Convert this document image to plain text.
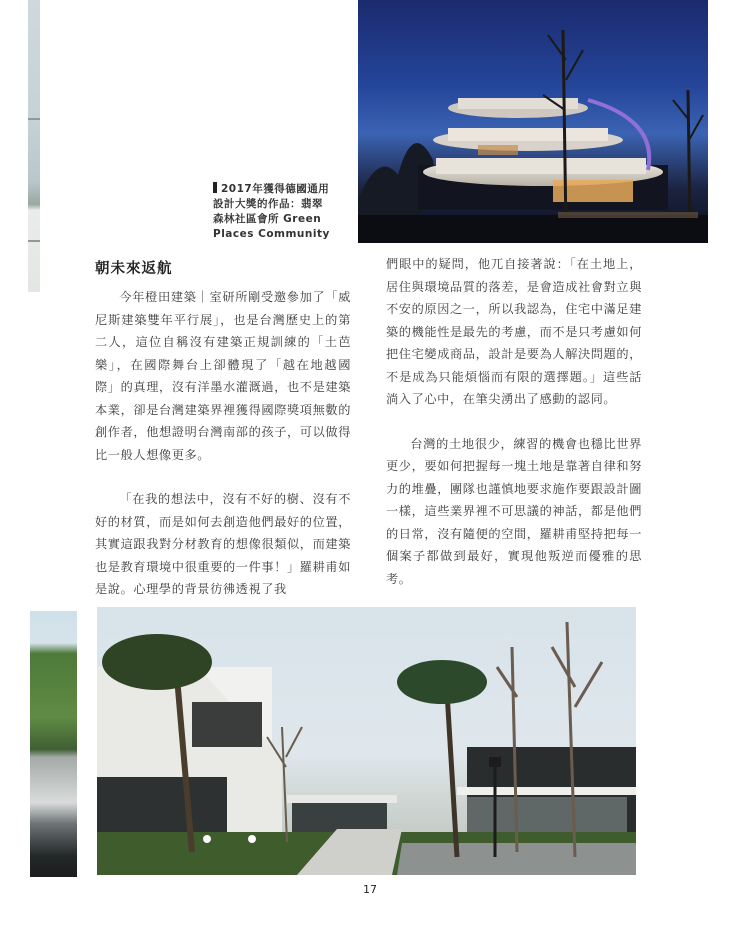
2017年獲得德國通用
設計大獎的作品：翡翠
森林社區會所 Green
Places Community
朝未來返航

今年橙田建築｜室研所剛受邀參加了「威尼斯建築雙年平行展」，也是台灣歷史上的第二人，這位自稱沒有建築正規訓練的「土芭樂」，在國際舞台上卻體現了「越在地越國際」的真理，沒有洋墨水灌溉過，也不是建築本業，卻是台灣建築界裡獲得國際獎項無數的創作者，他想證明台灣南部的孩子，可以做得比一般人想像更多。

「在我的想法中，沒有不好的樹、沒有不好的材質，而是如何去創造他們最好的位置，其實這跟我對分材教育的想像很類似，而建築也是教育環境中很重要的一件事！」羅耕甫如是說。心理學的背景彷彿透視了我

們眼中的疑問，他兀自接著說：「在土地上，居住與環境品質的落差，是會造成社會對立與不安的原因之一，所以我認為，住宅中滿足建築的機能性是最先的考慮，而不是只考慮如何把住宅變成商品，設計是要為人解決問題的，不是成為只能煩惱而有限的選擇題。」這些話淌入了心中，在筆尖湧出了感動的認同。

台灣的土地很少，練習的機會也穩比世界更少，要如何把握每一塊土地是靠著自律和努力的堆疊，團隊也謹慎地要求施作要跟設計圖一樣，這些業界裡不可思議的神話，都是他們的日常，沒有隨便的空間，羅耕甫堅持把每一個案子都做到最好，實現他叛逆而優雅的思考。

17
